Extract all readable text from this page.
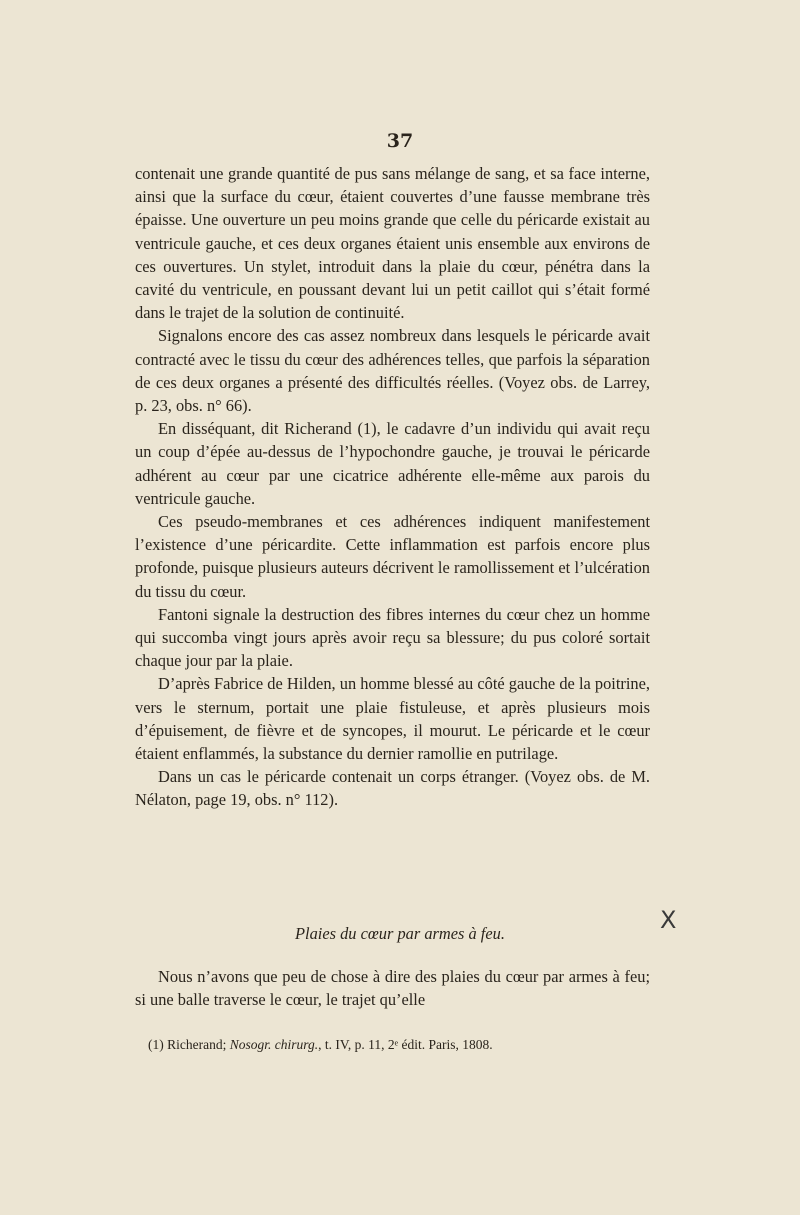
37

contenait une grande quantité de pus sans mélange de sang, et sa face interne, ainsi que la surface du cœur, étaient couvertes d’une fausse membrane très épaisse. Une ouverture un peu moins grande que celle du péricarde existait au ventricule gauche, et ces deux organes étaient unis ensemble aux environs de ces ouvertures. Un stylet, introduit dans la plaie du cœur, pénétra dans la cavité du ventricule, en poussant devant lui un petit caillot qui s’était formé dans le trajet de la solution de continuité.

Signalons encore des cas assez nombreux dans lesquels le péricarde avait contracté avec le tissu du cœur des adhérences telles, que parfois la séparation de ces deux organes a présenté des difficultés réelles. (Voyez obs. de Larrey, p. 23, obs. n° 66).

En disséquant, dit Richerand (1), le cadavre d’un individu qui avait reçu un coup d’épée au-dessus de l’hypochondre gauche, je trouvai le péricarde adhérent au cœur par une cicatrice adhérente elle-même aux parois du ventricule gauche.

Ces pseudo-membranes et ces adhérences indiquent manifestement l’existence d’une péricardite. Cette inflammation est parfois encore plus profonde, puisque plusieurs auteurs décrivent le ramollissement et l’ulcération du tissu du cœur.

Fantoni signale la destruction des fibres internes du cœur chez un homme qui succomba vingt jours après avoir reçu sa blessure; du pus coloré sortait chaque jour par la plaie.

D’après Fabrice de Hilden, un homme blessé au côté gauche de la poitrine, vers le sternum, portait une plaie fistuleuse, et après plusieurs mois d’épuisement, de fièvre et de syncopes, il mourut. Le péricarde et le cœur étaient enflammés, la substance du dernier ramollie en putrilage.

Dans un cas le péricarde contenait un corps étranger. (Voyez obs. de M. Nélaton, page 19, obs. n° 112).

X
Plaies du cœur par armes à feu.

Nous n’avons que peu de chose à dire des plaies du cœur par armes à feu; si une balle traverse le cœur, le trajet qu’elle

(1) Richerand; Nosogr. chirurg., t. IV, p. 11, 2ᵉ édit. Paris, 1808.
